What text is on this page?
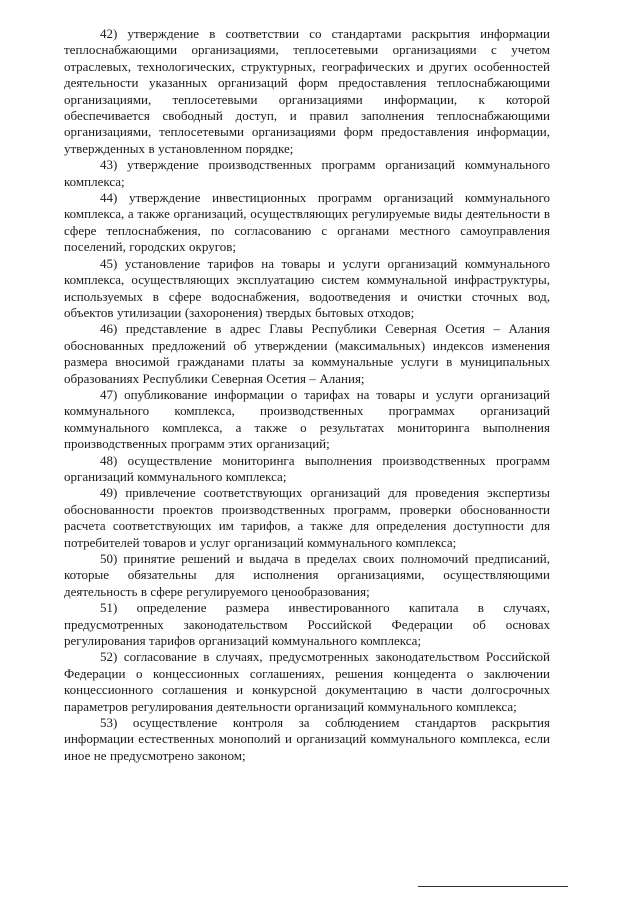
42) утверждение в соответствии со стандартами раскрытия информации теплоснабжающими организациями, теплосетевыми организациями с учетом отраслевых, технологических, структурных, географических и других особенностей деятельности указанных организаций форм предоставления теплоснабжающими организациями, теплосетевыми организациями информации, к которой обеспечивается свободный доступ, и правил заполнения теплоснабжающими организациями, теплосетевыми организациями форм предоставления информации, утвержденных в установленном порядке;

43) утверждение производственных программ организаций коммунального комплекса;

44) утверждение инвестиционных программ организаций коммунального комплекса, а также организаций, осуществляющих регулируемые виды деятельности в сфере теплоснабжения, по согласованию с органами местного самоуправления поселений, городских округов;

45) установление тарифов на товары и услуги организаций коммунального комплекса, осуществляющих эксплуатацию систем коммунальной инфраструктуры, используемых в сфере водоснабжения, водоотведения и очистки сточных вод, объектов утилизации (захоронения) твердых бытовых отходов;

46) представление в адрес Главы Республики Северная Осетия – Алания обоснованных предложений об утверждении (максимальных) индексов изменения размера вносимой гражданами платы за коммунальные услуги в муниципальных образованиях Республики Северная Осетия – Алания;

47) опубликование информации о тарифах на товары и услуги организаций коммунального комплекса, производственных программах организаций коммунального комплекса, а также о результатах мониторинга выполнения производственных программ этих организаций;

48) осуществление мониторинга выполнения производственных программ организаций коммунального комплекса;

49) привлечение соответствующих организаций для проведения экспертизы обоснованности проектов производственных программ, проверки обоснованности расчета соответствующих им тарифов, а также для определения доступности для потребителей товаров и услуг организаций коммунального комплекса;

50) принятие решений и выдача в пределах своих полномочий предписаний, которые обязательны для исполнения организациями, осуществляющими деятельность в сфере регулируемого ценообразования;

51) определение размера инвестированного капитала в случаях, предусмотренных законодательством Российской Федерации об основах регулирования тарифов организаций коммунального комплекса;

52) согласование в случаях, предусмотренных законодательством Российской Федерации о концессионных соглашениях, решения концедента о заключении концессионного соглашения и конкурсной документацию в части долгосрочных параметров регулирования деятельности организаций коммунального комплекса;

53) осуществление контроля за соблюдением стандартов раскрытия информации естественных монополий и организаций коммунального комплекса, если иное не предусмотрено законом;
